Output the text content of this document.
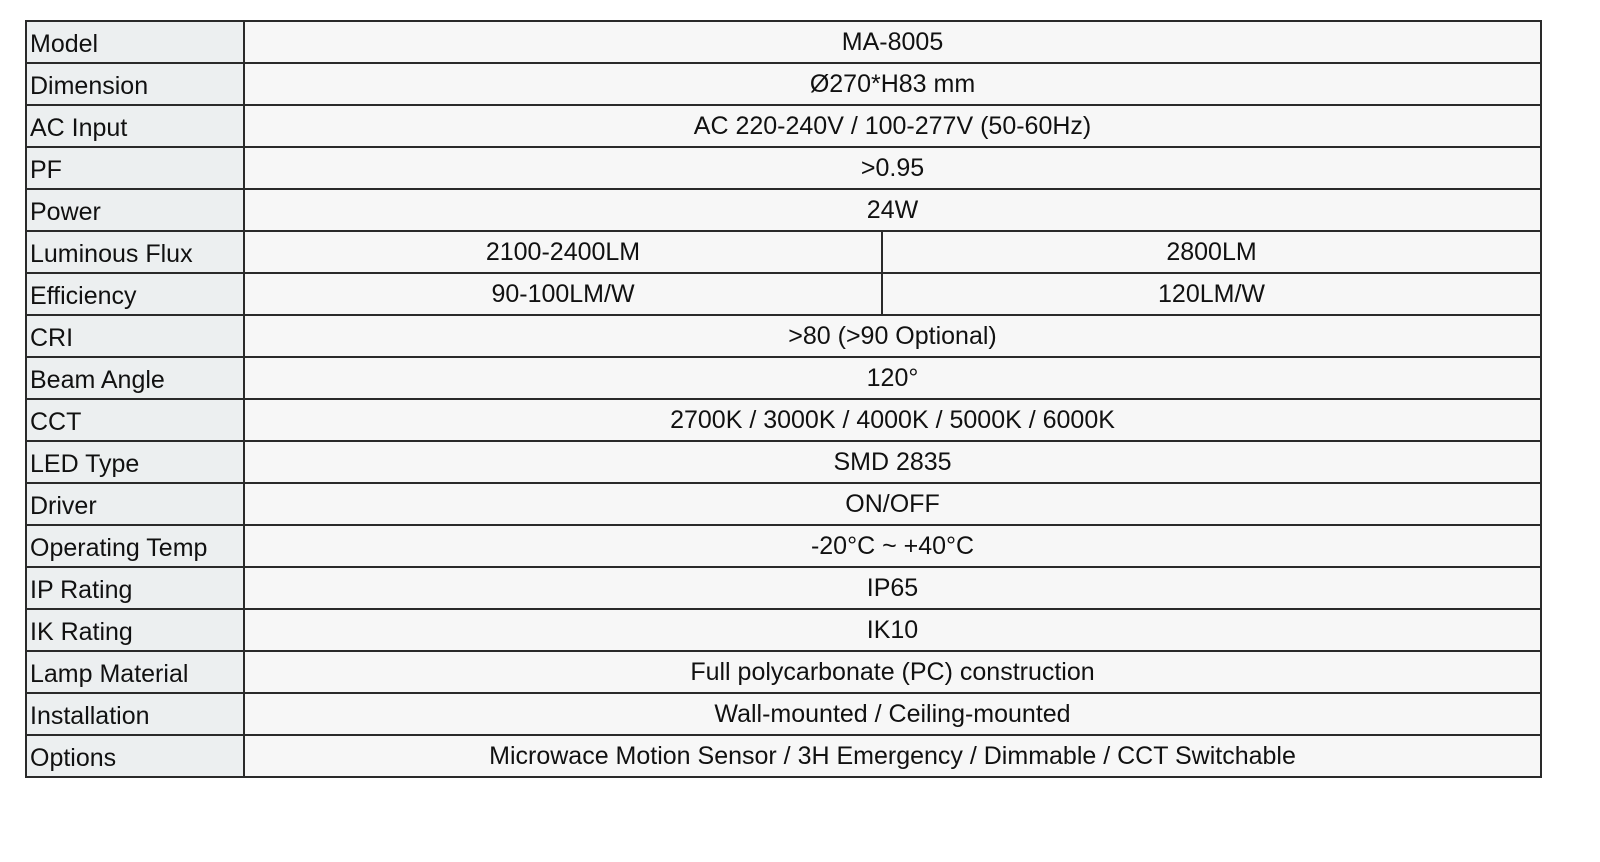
Model	MA-8005	
Dimension	Ø270*H83 mm	
AC Input	AC 220-240V / 100-277V (50-60Hz)	
PF	>0.95	
Power	24W	
Luminous Flux	2100-2400LM	2800LM
Efficiency	90-100LM/W	120LM/W
CRI	>80 (>90 Optional)	
Beam Angle	120°	
CCT	2700K / 3000K / 4000K / 5000K / 6000K	
LED Type	SMD 2835	
Driver	ON/OFF	
Operating Temp	-20°C ~ +40°C	
IP Rating	IP65	
IK Rating	IK10	
Lamp Material	Full polycarbonate (PC) construction	
Installation	Wall-mounted / Ceiling-mounted	
Options	Microwace Motion Sensor / 3H Emergency / Dimmable / CCT Switchable	
